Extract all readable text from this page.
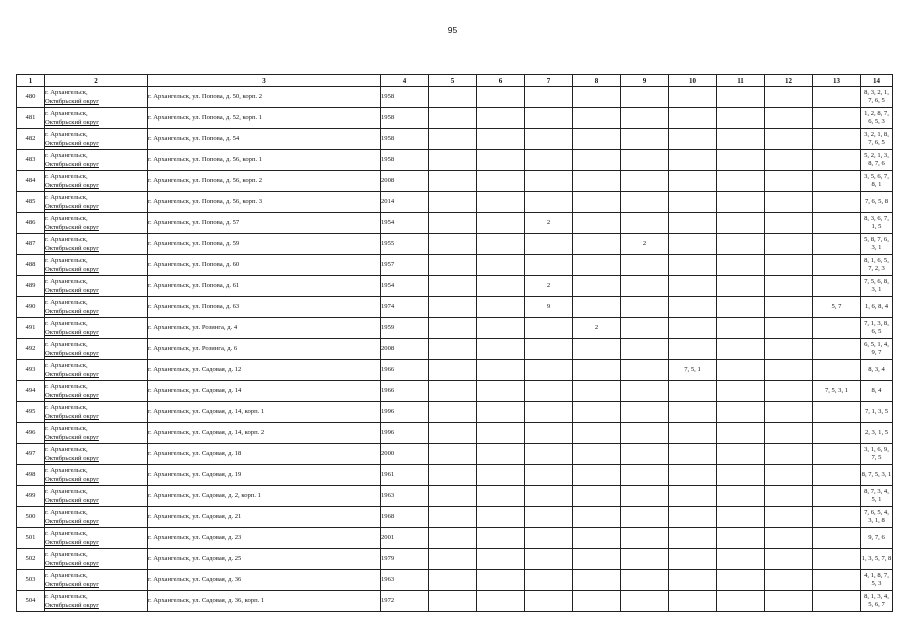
95
1	2	3	4	5	6	7	8	9	10	11	12	13	14
480	г. Архангельск,
Октябрьский округ	г. Архангельск, ул. Попова, д. 50, корп. 2	1958										8, 3, 2, 1, 7, 6, 5
481	г. Архангельск,
Октябрьский округ	г. Архангельск, ул. Попова, д. 52, корп. 1	1958										1, 2, 8, 7, 6, 5, 3
482	г. Архангельск,
Октябрьский округ	г. Архангельск, ул. Попова, д. 54	1958										3, 2, 1, 8, 7, 6, 5
483	г. Архангельск,
Октябрьский округ	г. Архангельск, ул. Попова, д. 56, корп. 1	1958										5, 2, 1, 3, 8, 7, 6
484	г. Архангельск,
Октябрьский округ	г. Архангельск, ул. Попова, д. 56, корп. 2	2008										3, 5, 6, 7, 8, 1
485	г. Архангельск,
Октябрьский округ	г. Архангельск, ул. Попова, д. 56, корп. 3	2014										7, 6, 5, 8
486	г. Архангельск,
Октябрьский округ	г. Архангельск, ул. Попова, д. 57	1954			2							8, 3, 6, 7, 1, 5
487	г. Архангельск,
Октябрьский округ	г. Архангельск, ул. Попова, д. 59	1955					2					5, 8, 7, 6, 3, 1
488	г. Архангельск,
Октябрьский округ	г. Архангельск, ул. Попова, д. 60	1957										8, 1, 6, 5, 7, 2, 3
489	г. Архангельск,
Октябрьский округ	г. Архангельск, ул. Попова, д. 61	1954			2							7, 5, 6, 8, 3, 1
490	г. Архангельск,
Октябрьский округ	г. Архангельск, ул. Попова, д. 63	1974			9						5, 7	1, 6, 8, 4
491	г. Архангельск,
Октябрьский округ	г. Архангельск, ул. Розинга, д. 4	1959				2						7, 1, 3, 8, 6, 5
492	г. Архангельск,
Октябрьский округ	г. Архангельск, ул. Розинга, д. 6	2008										6, 5, 1, 4, 9, 7
493	г. Архангельск,
Октябрьский округ	г. Архангельск, ул. Садовая, д. 12	1966						7, 5, 1				8, 3, 4
494	г. Архангельск,
Октябрьский округ	г. Архангельск, ул. Садовая, д. 14	1966									7, 5, 3, 1	8, 4
495	г. Архангельск,
Октябрьский округ	г. Архангельск, ул. Садовая, д. 14, корп. 1	1996										7, 1, 3, 5
496	г. Архангельск,
Октябрьский округ	г. Архангельск, ул. Садовая, д. 14, корп. 2	1996										2, 3, 1, 5
497	г. Архангельск,
Октябрьский округ	г. Архангельск, ул. Садовая, д. 18	2000										3, 1, 6, 9, 7, 5
498	г. Архангельск,
Октябрьский округ	г. Архангельск, ул. Садовая, д. 19	1961										8, 7, 5, 3, 1
499	г. Архангельск,
Октябрьский округ	г. Архангельск, ул. Садовая, д. 2, корп. 1	1963										8, 7, 3, 4, 5, 1
500	г. Архангельск,
Октябрьский округ	г. Архангельск, ул. Садовая, д. 21	1968										7, 6, 5, 4, 3, 1, 8
501	г. Архангельск,
Октябрьский округ	г. Архангельск, ул. Садовая, д. 23	2001										9, 7, 6
502	г. Архангельск,
Октябрьский округ	г. Архангельск, ул. Садовая, д. 25	1979										1, 3, 5, 7, 8
503	г. Архангельск,
Октябрьский округ	г. Архангельск, ул. Садовая, д. 36	1963										4, 1, 8, 7, 5, 3
504	г. Архангельск,
Октябрьский округ	г. Архангельск, ул. Садовая, д. 36, корп. 1	1972										8, 1, 3, 4, 5, 6, 7
